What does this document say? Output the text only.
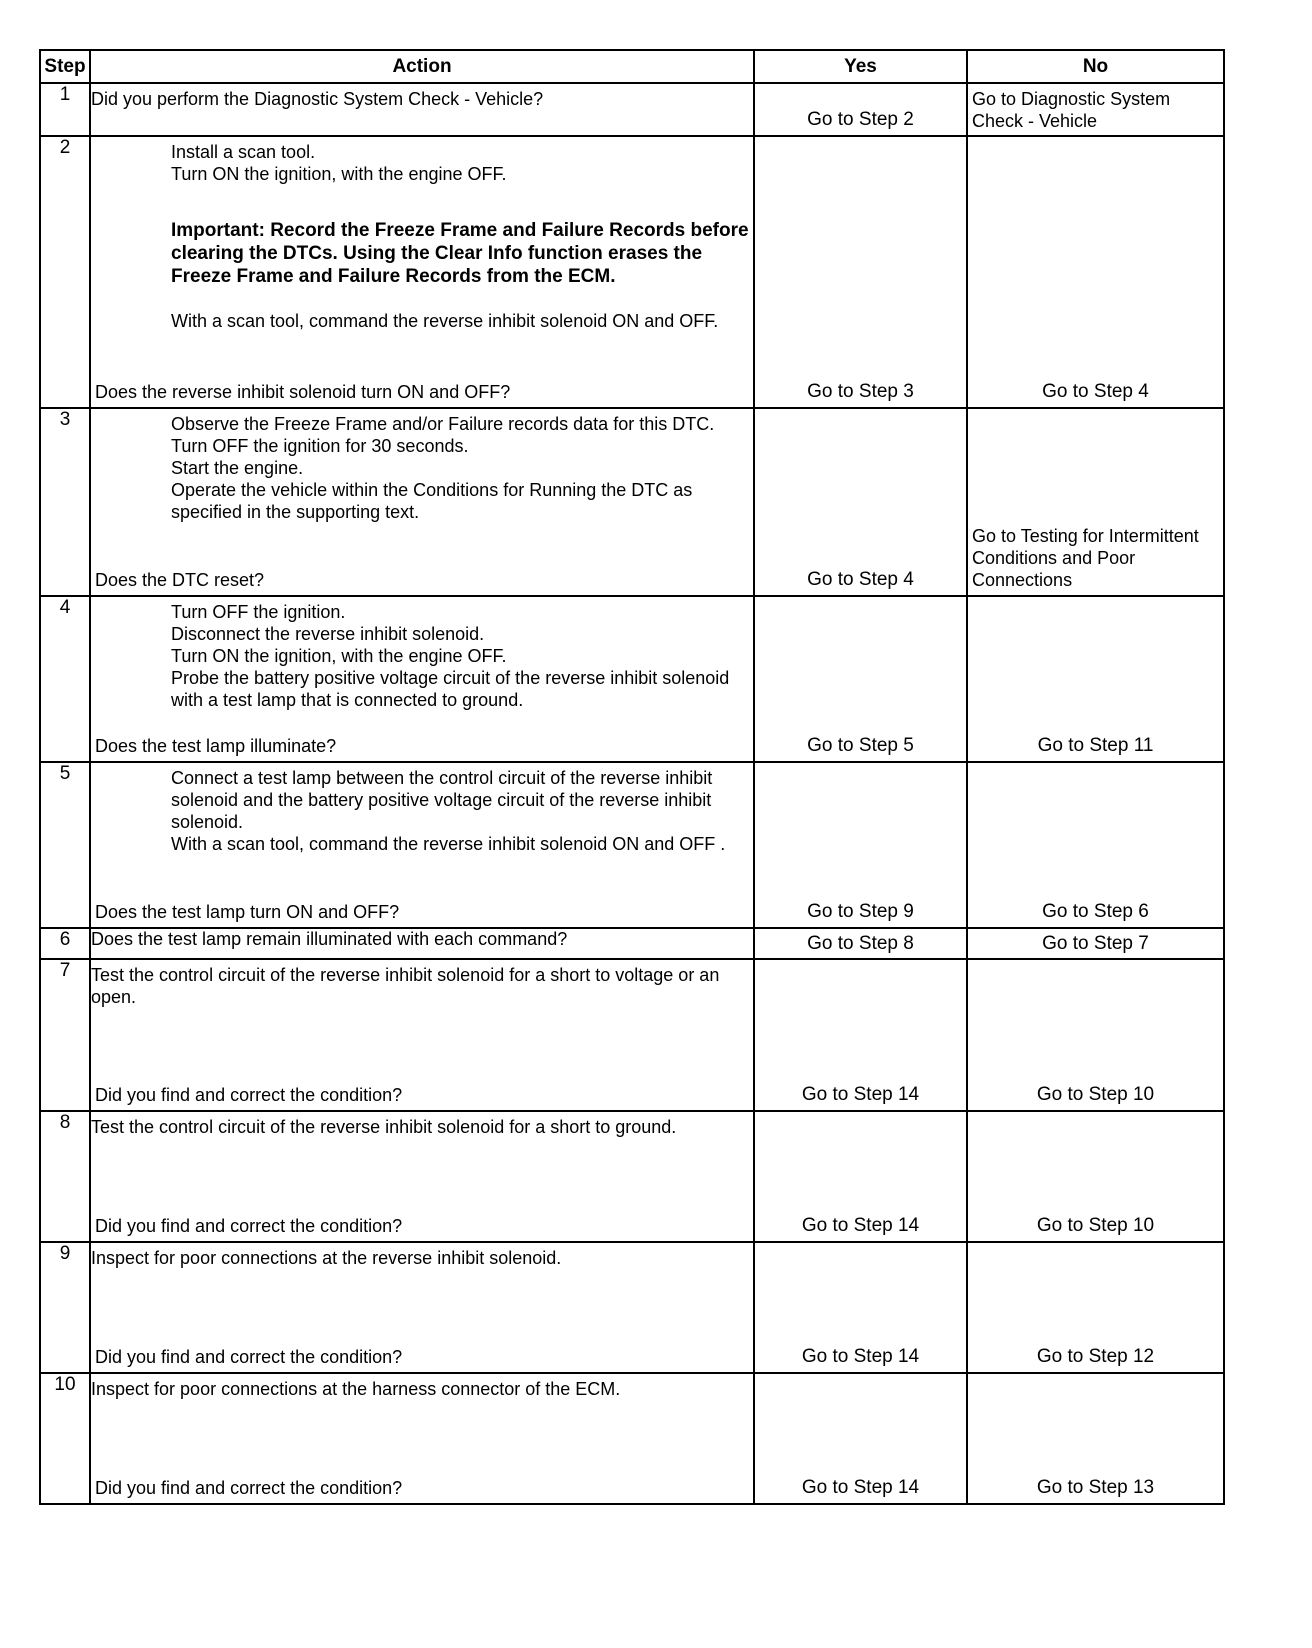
Step	Action	Yes	No
1	Did you perform the Diagnostic System Check - Vehicle?	Go to Step 2	Go to Diagnostic System Check - Vehicle

2	Install a scan tool.
Turn ON the ignition, with the engine OFF.
Important: Record the Freeze Frame and Failure Records before clearing the DTCs. Using the Clear Info function erases the Freeze Frame and Failure Records from the ECM.
With a scan tool, command the reverse inhibit solenoid ON and OFF.
Does the reverse inhibit solenoid turn ON and OFF?	Go to Step 3	Go to Step 4

3	Observe the Freeze Frame and/or Failure records data for this DTC.
Turn OFF the ignition for 30 seconds.
Start the engine.
Operate the vehicle within the Conditions for Running the DTC as specified in the supporting text.
Does the DTC reset?	Go to Step 4	Go to Testing for Intermittent Conditions and Poor Connections

4	Turn OFF the ignition.
Disconnect the reverse inhibit solenoid.
Turn ON the ignition, with the engine OFF.
Probe the battery positive voltage circuit of the reverse inhibit solenoid with a test lamp that is connected to ground.
Does the test lamp illuminate?	Go to Step 5	Go to Step 11

5	Connect a test lamp between the control circuit of the reverse inhibit solenoid and the battery positive voltage circuit of the reverse inhibit solenoid.
With a scan tool, command the reverse inhibit solenoid ON and OFF .
Does the test lamp turn ON and OFF?	Go to Step 9	Go to Step 6

6	Does the test lamp remain illuminated with each command?	Go to Step 8	Go to Step 7

7	Test the control circuit of the reverse inhibit solenoid for a short to voltage or an open.
Did you find and correct the condition?	Go to Step 14	Go to Step 10

8	Test the control circuit of the reverse inhibit solenoid for a short to ground.
Did you find and correct the condition?	Go to Step 14	Go to Step 10

9	Inspect for poor connections at the reverse inhibit solenoid.
Did you find and correct the condition?	Go to Step 14	Go to Step 12

10	Inspect for poor connections at the harness connector of the ECM.
Did you find and correct the condition?	Go to Step 14	Go to Step 13
